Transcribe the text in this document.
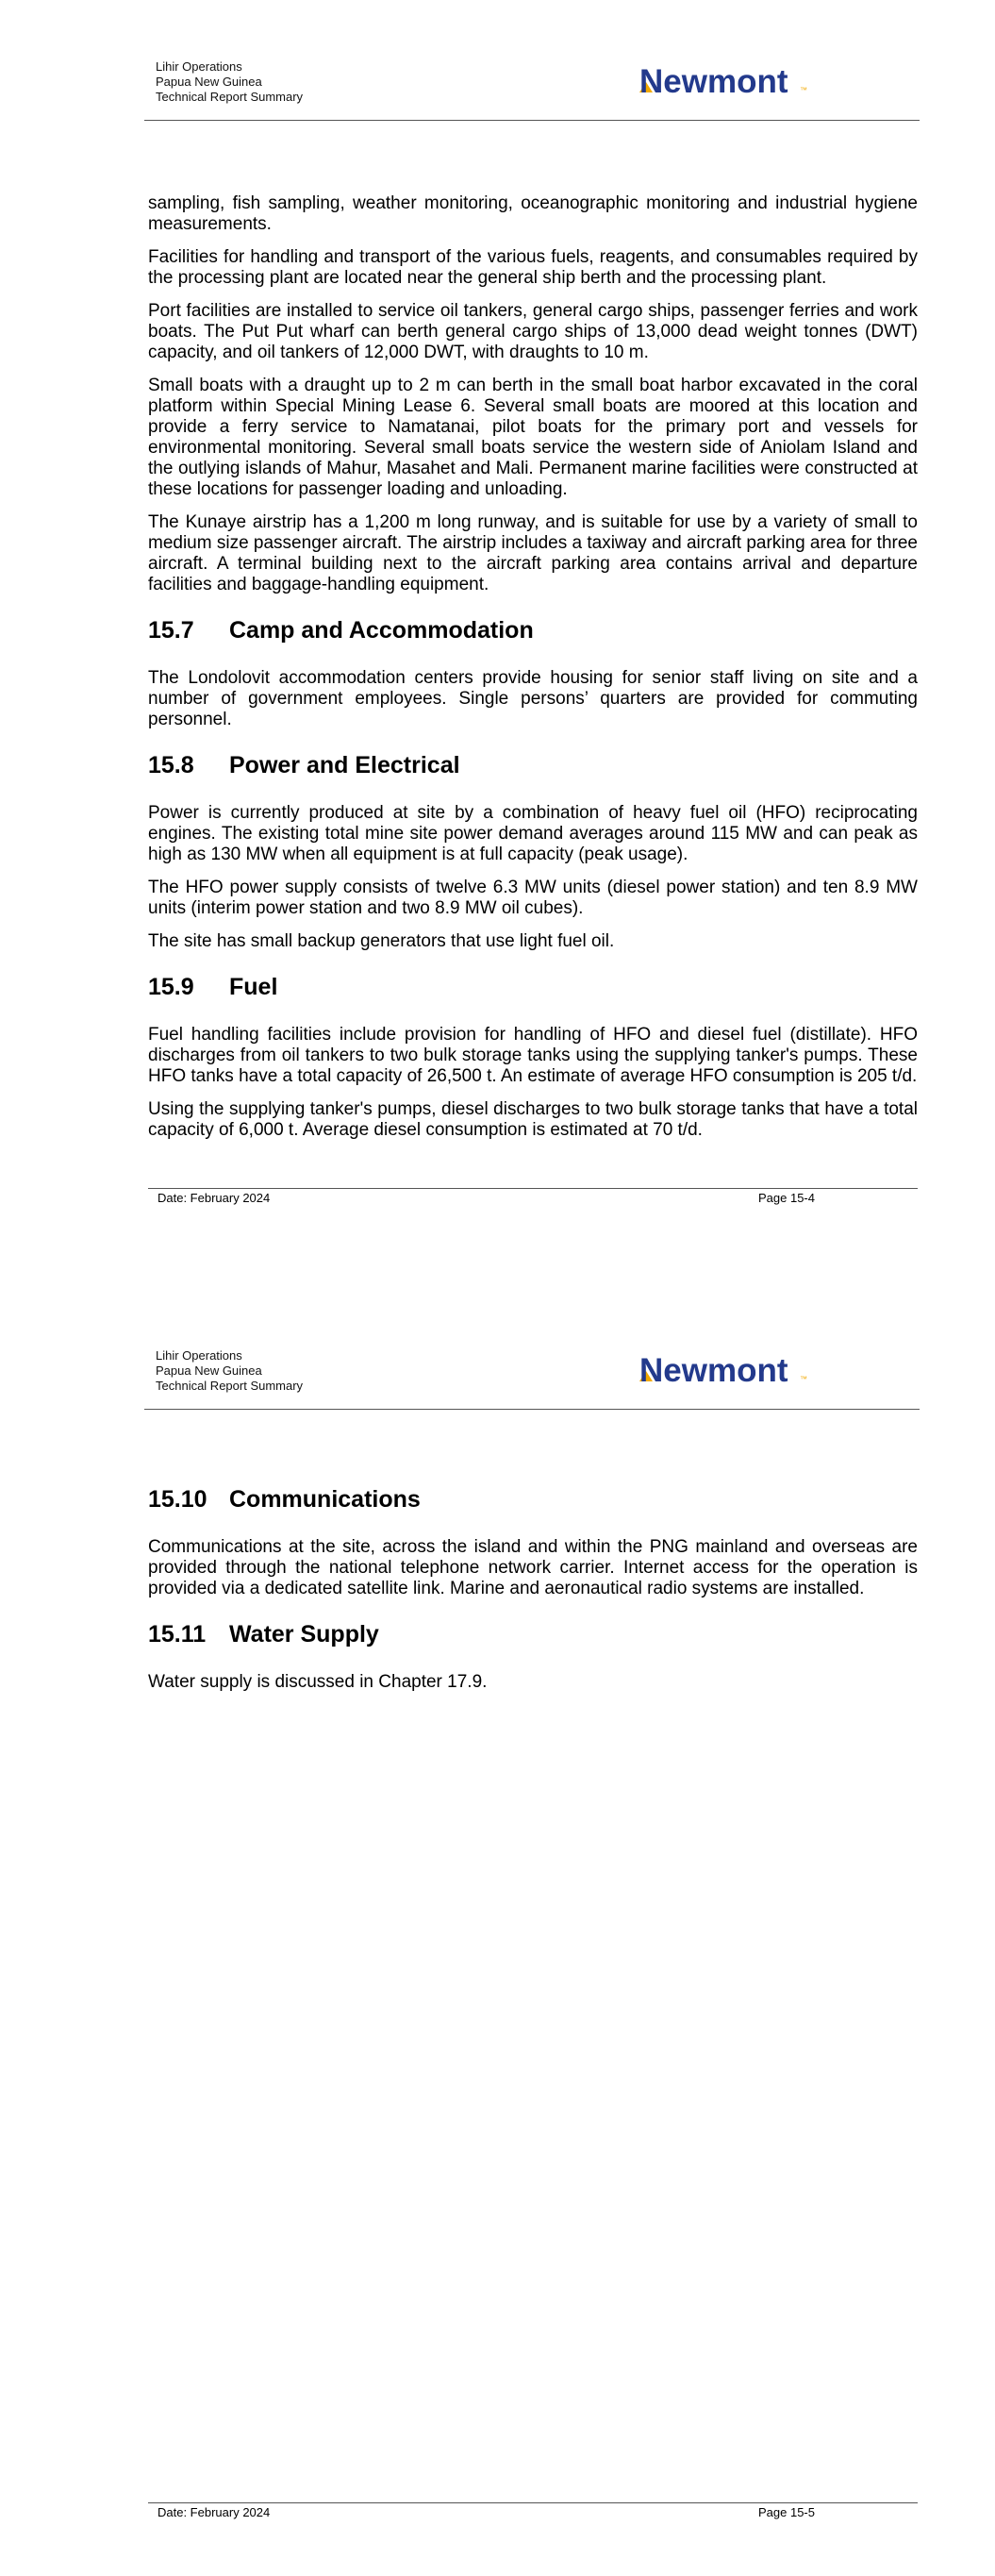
Lihir Operations
Papua New Guinea
Technical Report Summary	Newmont ™

sampling, fish sampling, weather monitoring, oceanographic monitoring and industrial hygiene measurements.

Facilities for handling and transport of the various fuels, reagents, and consumables required by the processing plant are located near the general ship berth and the processing plant.

Port facilities are installed to service oil tankers, general cargo ships, passenger ferries and work boats. The Put Put wharf can berth general cargo ships of 13,000 dead weight tonnes (DWT) capacity, and oil tankers of 12,000 DWT, with draughts to 10 m.

Small boats with a draught up to 2 m can berth in the small boat harbor excavated in the coral platform within Special Mining Lease 6. Several small boats are moored at this location and provide a ferry service to Namatanai, pilot boats for the primary port and vessels for environmental monitoring. Several small boats service the western side of Aniolam Island and the outlying islands of Mahur, Masahet and Mali. Permanent marine facilities were constructed at these locations for passenger loading and unloading.

The Kunaye airstrip has a 1,200 m long runway, and is suitable for use by a variety of small to medium size passenger aircraft. The airstrip includes a taxiway and aircraft parking area for three aircraft. A terminal building next to the aircraft parking area contains arrival and departure facilities and baggage-handling equipment.

15.7	Camp and Accommodation

The Londolovit accommodation centers provide housing for senior staff living on site and a number of government employees. Single persons’ quarters are provided for commuting personnel.

15.8	Power and Electrical

Power is currently produced at site by a combination of heavy fuel oil (HFO) reciprocating engines. The existing total mine site power demand averages around 115 MW and can peak as high as 130 MW when all equipment is at full capacity (peak usage).

The HFO power supply consists of twelve 6.3 MW units (diesel power station) and ten 8.9 MW units (interim power station and two 8.9 MW oil cubes).

The site has small backup generators that use light fuel oil.

15.9	Fuel

Fuel handling facilities include provision for handling of HFO and diesel fuel (distillate). HFO discharges from oil tankers to two bulk storage tanks using the supplying tanker's pumps. These HFO tanks have a total capacity of 26,500 t. An estimate of average HFO consumption is 205 t/d.

Using the supplying tanker's pumps, diesel discharges to two bulk storage tanks that have a total capacity of 6,000 t. Average diesel consumption is estimated at 70 t/d.

Date: February 2024	Page 15-4
Lihir Operations
Papua New Guinea
Technical Report Summary	Newmont ™
15.10 Communications

Communications at the site, across the island and within the PNG mainland and overseas are provided through the national telephone network carrier. Internet access for the operation is provided via a dedicated satellite link. Marine and aeronautical radio systems are installed.

15.11 Water Supply

Water supply is discussed in Chapter 17.9.

Date: February 2024	Page 15-5
